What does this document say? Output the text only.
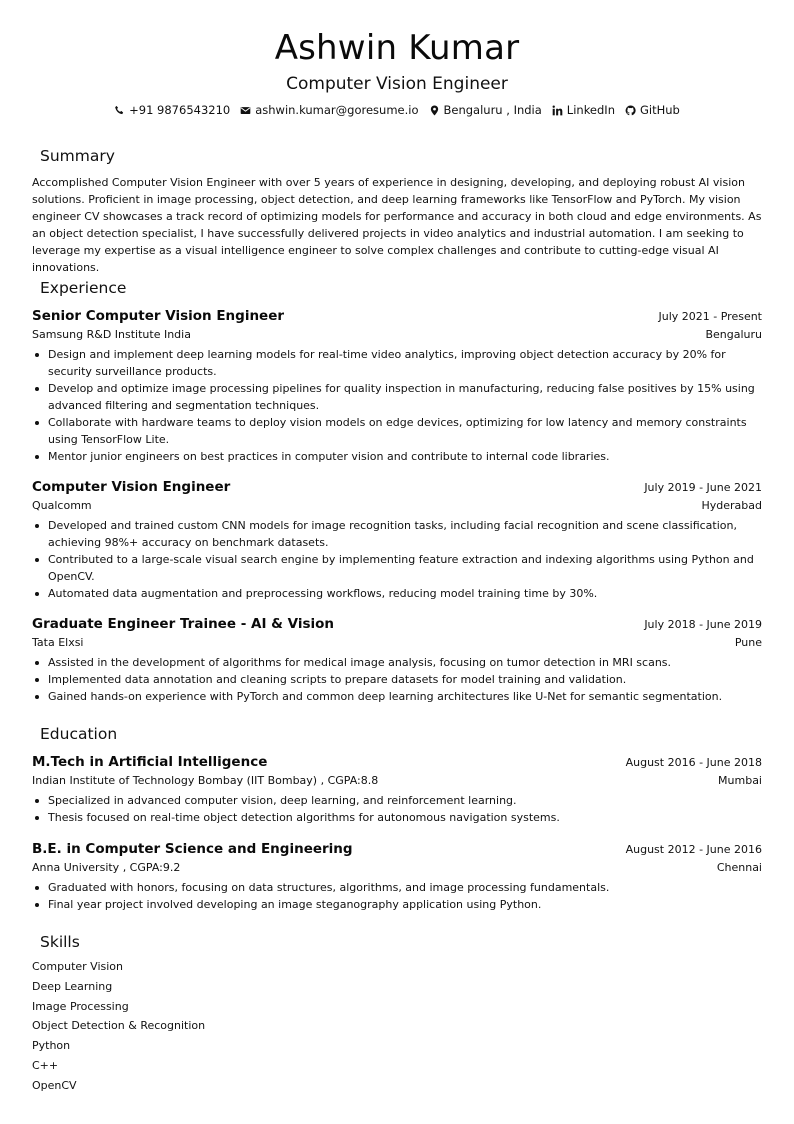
Ashwin Kumar
Computer Vision Engineer
+91 9876543210 ashwin.kumar@goresume.io Bengaluru , India LinkedIn GitHub
Summary
Accomplished Computer Vision Engineer with over 5 years of experience in designing, developing, and deploying robust AI vision solutions. Proficient in image processing, object detection, and deep learning frameworks like TensorFlow and PyTorch. My vision engineer CV showcases a track record of optimizing models for performance and accuracy in both cloud and edge environments. As an object detection specialist, I have successfully delivered projects in video analytics and industrial automation. I am seeking to leverage my expertise as a visual intelligence engineer to solve complex challenges and contribute to cutting-edge visual AI innovations.
Experience
Senior Computer Vision Engineer	July 2021 - Present
Samsung R&D Institute India	Bengaluru
Design and implement deep learning models for real-time video analytics, improving object detection accuracy by 20% for security surveillance products.
Develop and optimize image processing pipelines for quality inspection in manufacturing, reducing false positives by 15% using advanced filtering and segmentation techniques.
Collaborate with hardware teams to deploy vision models on edge devices, optimizing for low latency and memory constraints using TensorFlow Lite.
Mentor junior engineers on best practices in computer vision and contribute to internal code libraries.
Computer Vision Engineer	July 2019 - June 2021
Qualcomm	Hyderabad
Developed and trained custom CNN models for image recognition tasks, including facial recognition and scene classification, achieving 98%+ accuracy on benchmark datasets.
Contributed to a large-scale visual search engine by implementing feature extraction and indexing algorithms using Python and OpenCV.
Automated data augmentation and preprocessing workflows, reducing model training time by 30%.
Graduate Engineer Trainee - AI & Vision	July 2018 - June 2019
Tata Elxsi	Pune
Assisted in the development of algorithms for medical image analysis, focusing on tumor detection in MRI scans.
Implemented data annotation and cleaning scripts to prepare datasets for model training and validation.
Gained hands-on experience with PyTorch and common deep learning architectures like U-Net for semantic segmentation.
Education
M.Tech in Artificial Intelligence	August 2016 - June 2018
Indian Institute of Technology Bombay (IIT Bombay) , CGPA:8.8	Mumbai
Specialized in advanced computer vision, deep learning, and reinforcement learning.
Thesis focused on real-time object detection algorithms for autonomous navigation systems.
B.E. in Computer Science and Engineering	August 2012 - June 2016
Anna University , CGPA:9.2	Chennai
Graduated with honors, focusing on data structures, algorithms, and image processing fundamentals.
Final year project involved developing an image steganography application using Python.
Skills
Computer Vision
Deep Learning
Image Processing
Object Detection & Recognition
Python
C++
OpenCV
